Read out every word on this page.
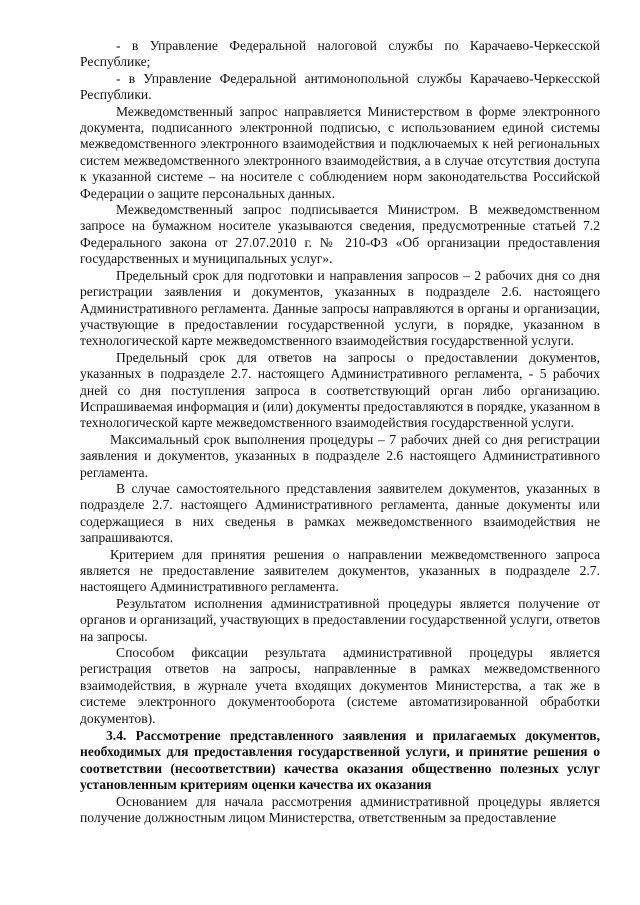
- в Управление Федеральной налоговой службы по Карачаево-Черкесской Республике;

- в Управление Федеральной антимонопольной службы Карачаево-Черкесской Республики.

Межведомственный запрос направляется Министерством в форме электронного документа, подписанного электронной подписью, с использованием единой системы межведомственного электронного взаимодействия и подключаемых к ней региональных систем межведомственного электронного взаимодействия, а в случае отсутствия доступа к указанной системе – на носителе с соблюдением норм законодательства Российской Федерации о защите персональных данных.

Межведомственный запрос подписывается Министром. В межведомственном запросе на бумажном носителе указываются сведения, предусмотренные статьей 7.2 Федерального закона от 27.07.2010 г. № 210-ФЗ «Об организации предоставления государственных и муниципальных услуг».

Предельный срок для подготовки и направления запросов – 2 рабочих дня со дня регистрации заявления и документов, указанных в подразделе 2.6. настоящего Административного регламента. Данные запросы направляются в органы и организации, участвующие в предоставлении государственной услуги, в порядке, указанном в технологической карте межведомственного взаимодействия государственной услуги.

Предельный срок для ответов на запросы о предоставлении документов, указанных в подразделе 2.7. настоящего Административного регламента, - 5 рабочих дней со дня поступления запроса в соответствующий орган либо организацию. Испрашиваемая информация и (или) документы предоставляются в порядке, указанном в технологической карте межведомственного взаимодействия государственной услуги.

Максимальный срок выполнения процедуры – 7 рабочих дней со дня регистрации заявления и документов, указанных в подразделе 2.6 настоящего Административного регламента.

В случае самостоятельного представления заявителем документов, указанных в подразделе 2.7. настоящего Административного регламента, данные документы или содержащиеся в них сведенья в рамках межведомственного взаимодействия не запрашиваются.

Критерием для принятия решения о направлении межведомственного запроса является не предоставление заявителем документов, указанных в подразделе 2.7. настоящего Административного регламента.

Результатом исполнения административной процедуры является получение от органов и организаций, участвующих в предоставлении государственной услуги, ответов на запросы.

Способом фиксации результата административной процедуры является регистрация ответов на запросы, направленные в рамках межведомственного взаимодействия, в журнале учета входящих документов Министерства, а так же в системе электронного документооборота (системе автоматизированной обработки документов).

3.4. Рассмотрение представленного заявления и прилагаемых документов, необходимых для предоставления государственной услуги, и принятие решения о соответствии (несоответствии) качества оказания общественно полезных услуг установленным критериям оценки качества их оказания

Основанием для начала рассмотрения административной процедуры является получение должностным лицом Министерства, ответственным за предоставление
